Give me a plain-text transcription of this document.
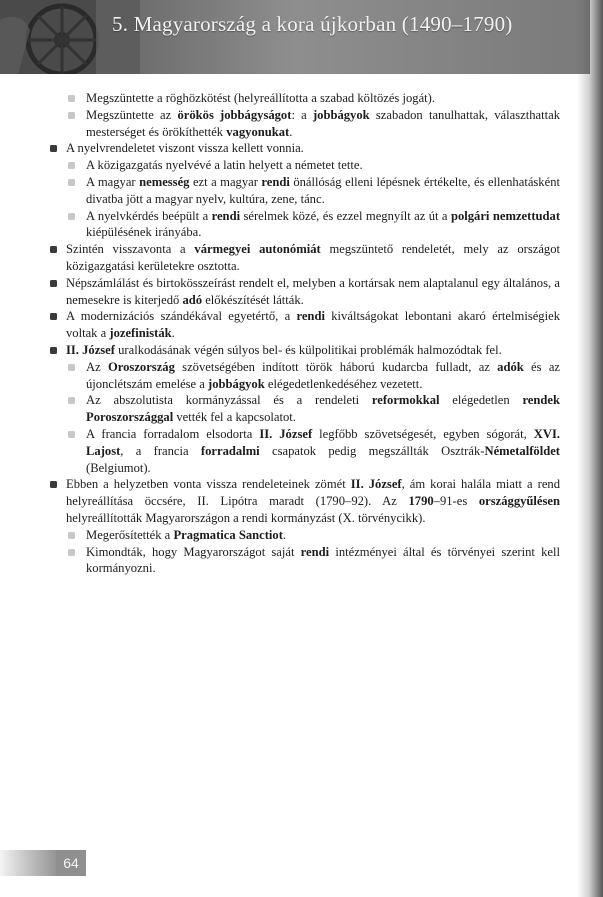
5. Magyarország a kora újkorban (1490–1790)
Megszüntette a röghözkötést (helyreállította a szabad költözés jogát).
Megszüntette az örökös jobbágyságot: a jobbágyok szabadon tanulhattak, választhattak mesterséget és örökíthették vagyonukat.
A nyelvrendeletet viszont vissza kellett vonnia.
A közigazgatás nyelvévé a latin helyett a németet tette.
A magyar nemesség ezt a magyar rendi önállóság elleni lépésnek értékelte, és ellenhatásként divatba jött a magyar nyelv, kultúra, zene, tánc.
A nyelvkérdés beépült a rendi sérelmek közé, és ezzel megnyílt az út a polgári nemzettudat kiépülésének irányába.
Szintén visszavonta a vármegyei autonómiát megszüntető rendeletét, mely az országot közigazgatási kerületekre osztotta.
Népszámlálást és birtokösszeírást rendelt el, melyben a kortársak nem alaptalanul egy általános, a nemesekre is kiterjedő adó előkészítését látták.
A modernizációs szándékával egyetértő, a rendi kiváltságokat lebontani akaró értelmiségiek voltak a jozefinisták.
II. József uralkodásának végén súlyos bel- és külpolitikai problémák halmozódtak fel.
Az Oroszország szövetségében indított török háború kudarcba fulladt, az adók és az újonclétszám emelése a jobbágyok elégedetlenkedéséhez vezetett.
Az abszolutista kormányzással és a rendeleti reformokkal elégedetlen rendek Poroszországgal vették fel a kapcsolatot.
A francia forradalom elsodorta II. József legfőbb szövetségesét, egyben sógorát, XVI. Lajost, a francia forradalmi csapatok pedig megszállták Osztrák-Németalföldet (Belgiumot).
Ebben a helyzetben vonta vissza rendeleteinek zömét II. József, ám korai halála miatt a rend helyreállítása öccsére, II. Lipótra maradt (1790–92). Az 1790–91-es országgyűlésen helyreállították Magyarországon a rendi kormányzást (X. törvénycikk).
Megerősítették a Pragmatica Sanctiot.
Kimondták, hogy Magyarországot saját rendi intézményei által és törvényei szerint kell kormányozni.
64
